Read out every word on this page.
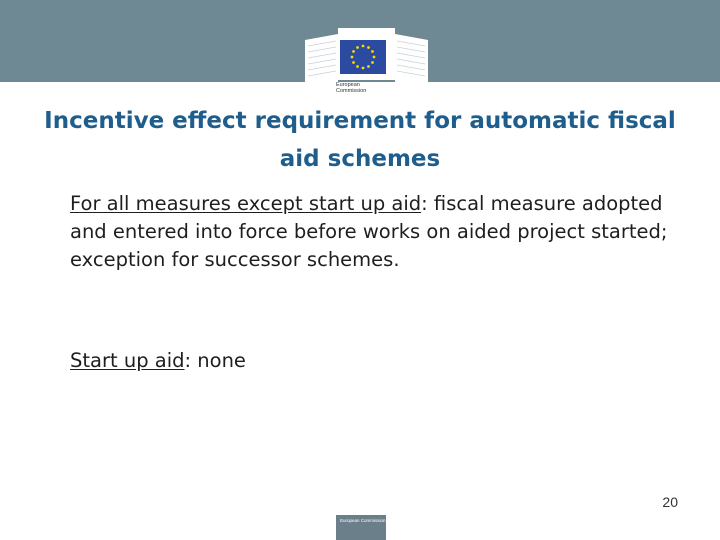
European
Commission
Incentive effect requirement for automatic fiscal aid schemes
For all measures except start up aid: fiscal measure adopted and entered into force before works on aided project started; exception for successor schemes.
Start up aid: none
20
European Commission
